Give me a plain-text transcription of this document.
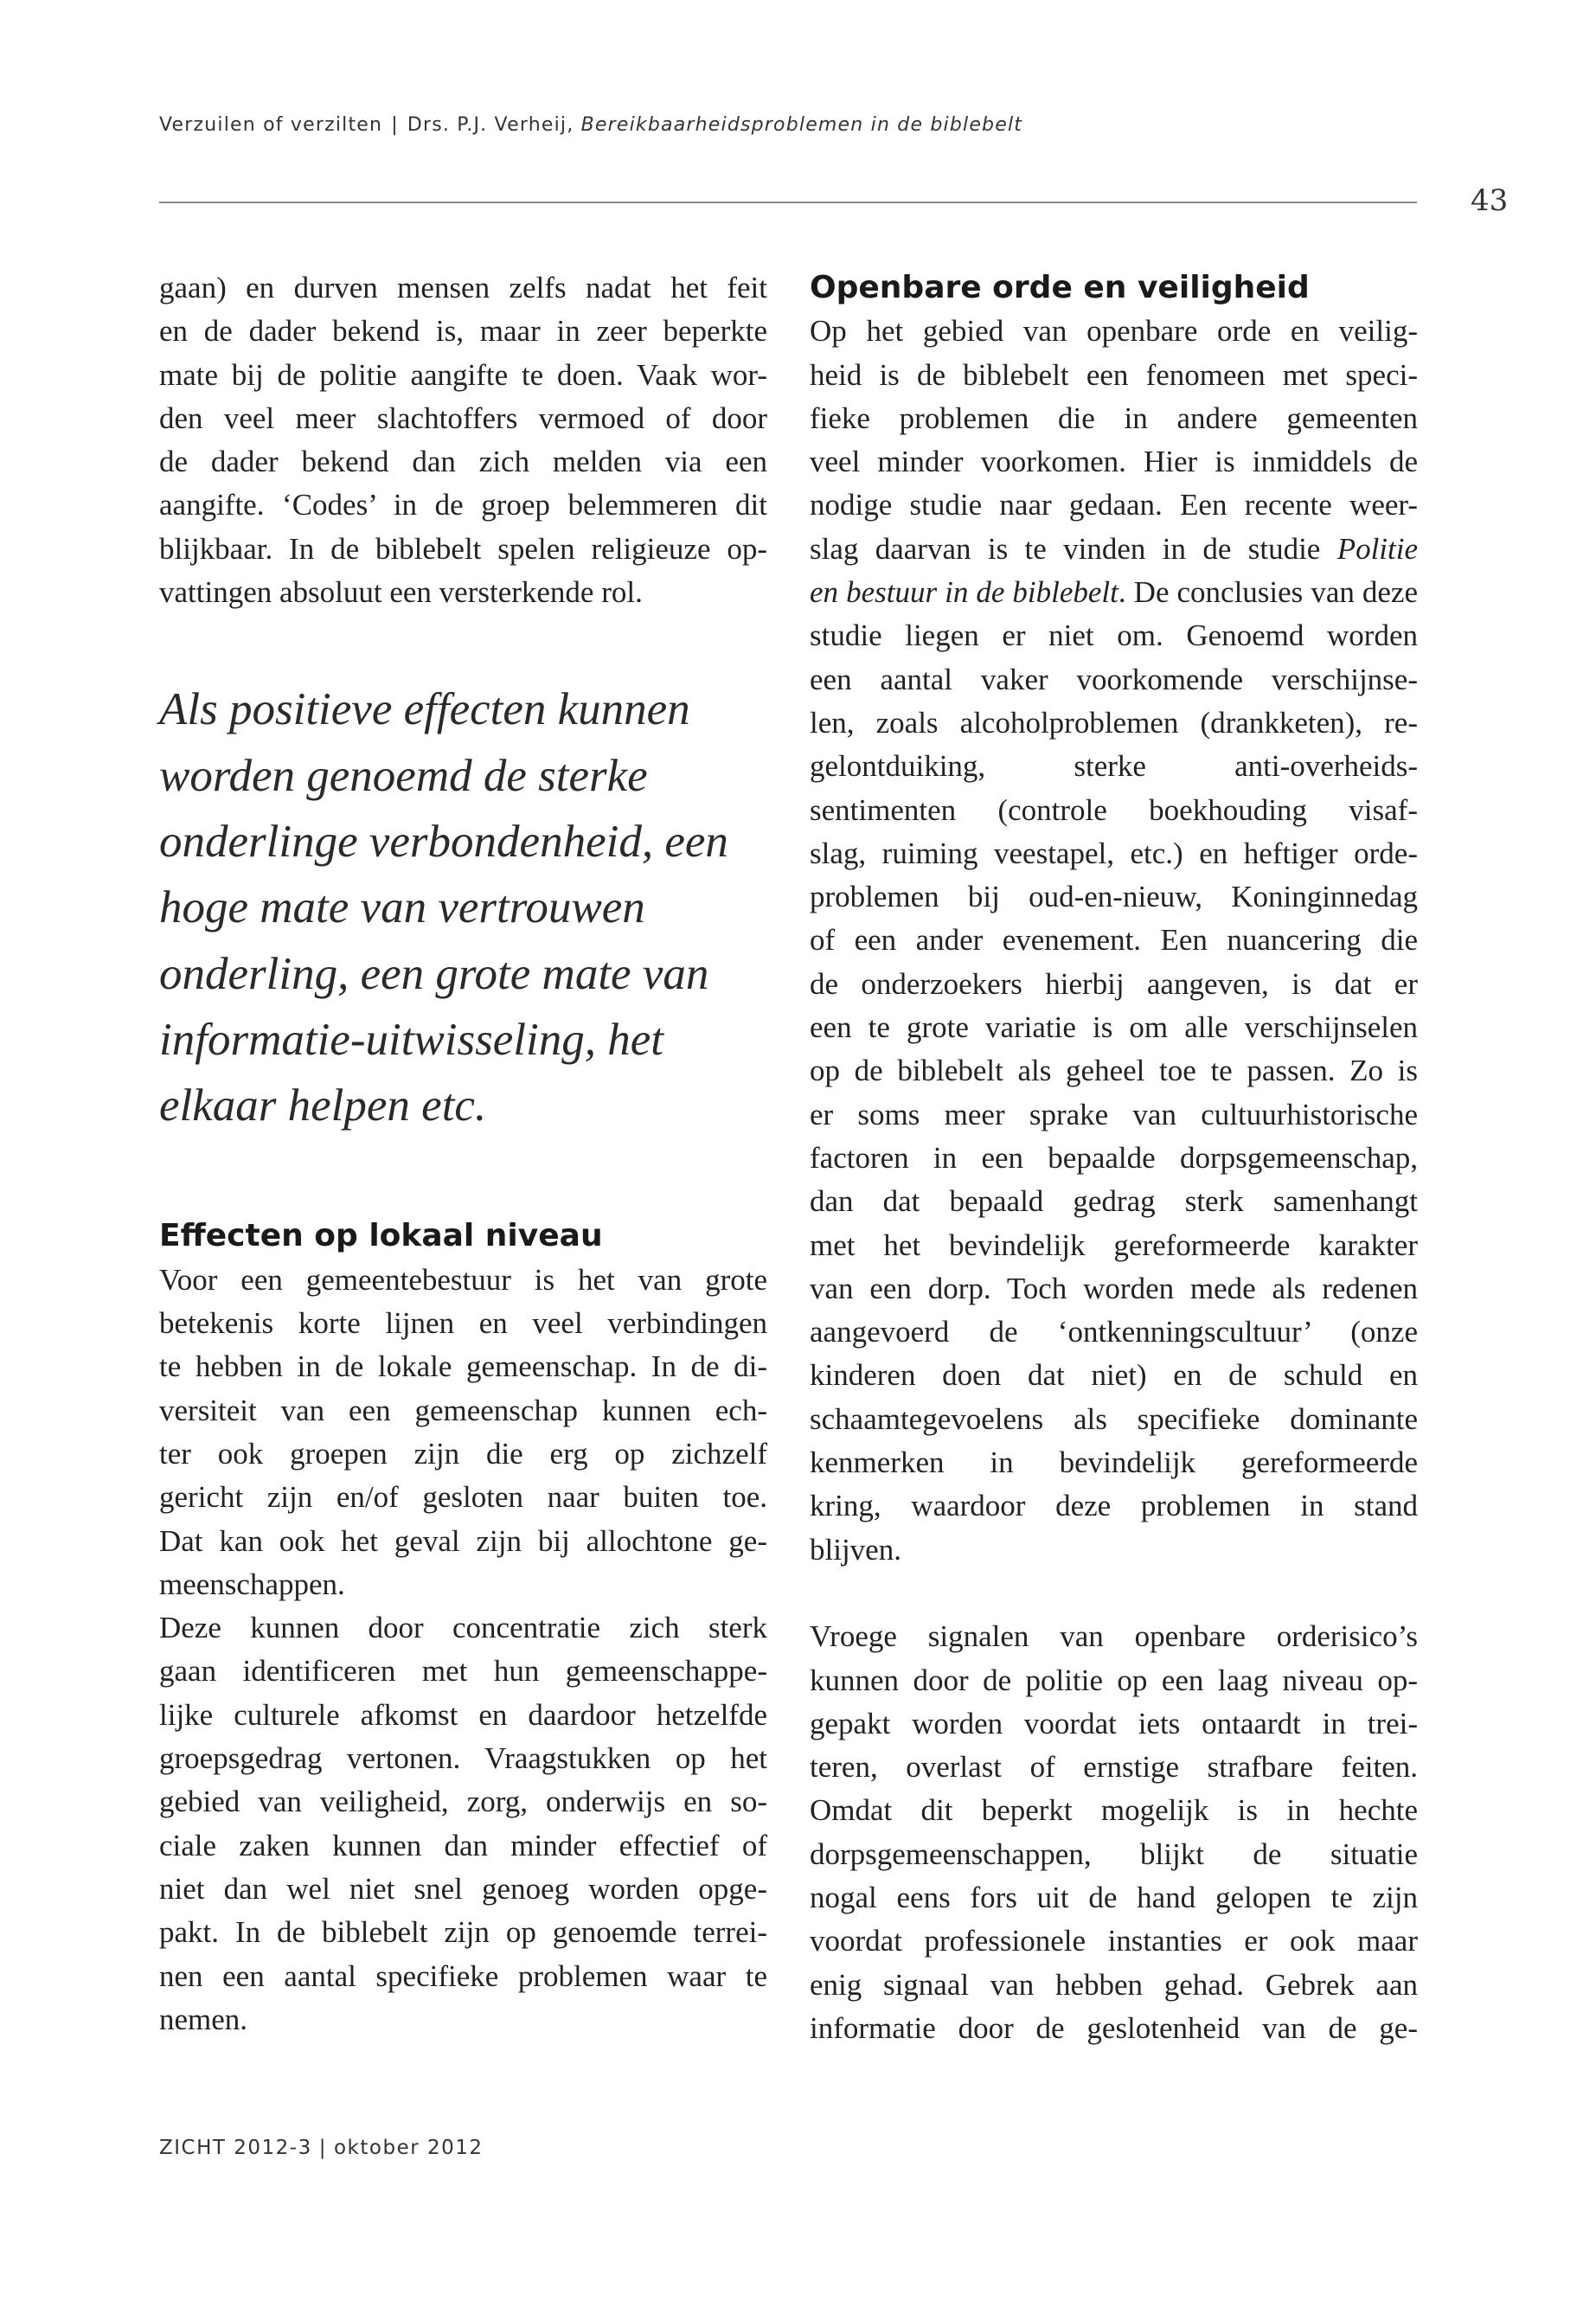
Verzuilen of verzilten | Drs. P.J. Verheij, Bereikbaarheidsproblemen in de biblebelt
43
gaan) en durven mensen zelfs nadat het feit
en de dader bekend is, maar in zeer beperkte
mate bij de politie aangifte te doen. Vaak wor-
den veel meer slachtoffers vermoed of door
de dader bekend dan zich melden via een
aangifte. ‘Codes’ in de groep belemmeren dit
blijkbaar. In de biblebelt spelen religieuze op-
vattingen absoluut een versterkende rol.
Als positieve effecten kunnen
worden genoemd de sterke
onderlinge verbondenheid, een
hoge mate van vertrouwen
onderling, een grote mate van
informatie-uitwisseling, het
elkaar helpen etc.
Effecten op lokaal niveau
Voor een gemeentebestuur is het van grote
betekenis korte lijnen en veel verbindingen
te hebben in de lokale gemeenschap. In de di-
versiteit van een gemeenschap kunnen ech-
ter ook groepen zijn die erg op zichzelf
gericht zijn en/of gesloten naar buiten toe.
Dat kan ook het geval zijn bij allochtone ge-
meenschappen.
Deze kunnen door concentratie zich sterk
gaan identificeren met hun gemeenschappe-
lijke culturele afkomst en daardoor hetzelfde
groepsgedrag vertonen. Vraagstukken op het
gebied van veiligheid, zorg, onderwijs en so-
ciale zaken kunnen dan minder effectief of
niet dan wel niet snel genoeg worden opge-
pakt. In de biblebelt zijn op genoemde terrei-
nen een aantal specifieke problemen waar te
nemen.
Openbare orde en veiligheid
Op het gebied van openbare orde en veilig-
heid is de biblebelt een fenomeen met speci-
fieke problemen die in andere gemeenten
veel minder voorkomen. Hier is inmiddels de
nodige studie naar gedaan. Een recente weer-
slag daarvan is te vinden in de studie Politie
en bestuur in de biblebelt. De conclusies van deze
studie liegen er niet om. Genoemd worden
een aantal vaker voorkomende verschijnse-
len, zoals alcoholproblemen (drankketen), re-
gelontduiking, sterke anti-overheids-
sentimenten (controle boekhouding visaf-
slag, ruiming veestapel, etc.) en heftiger orde-
problemen bij oud-en-nieuw, Koninginnedag
of een ander evenement. Een nuancering die
de onderzoekers hierbij aangeven, is dat er
een te grote variatie is om alle verschijnselen
op de biblebelt als geheel toe te passen. Zo is
er soms meer sprake van cultuurhistorische
factoren in een bepaalde dorpsgemeenschap,
dan dat bepaald gedrag sterk samenhangt
met het bevindelijk gereformeerde karakter
van een dorp. Toch worden mede als redenen
aangevoerd de ‘ontkenningscultuur’ (onze
kinderen doen dat niet) en de schuld en
schaamtegevoelens als specifieke dominante
kenmerken in bevindelijk gereformeerde
kring, waardoor deze problemen in stand
blijven.
Vroege signalen van openbare orderisico’s
kunnen door de politie op een laag niveau op-
gepakt worden voordat iets ontaardt in trei-
teren, overlast of ernstige strafbare feiten.
Omdat dit beperkt mogelijk is in hechte
dorpsgemeenschappen, blijkt de situatie
nogal eens fors uit de hand gelopen te zijn
voordat professionele instanties er ook maar
enig signaal van hebben gehad. Gebrek aan
informatie door de geslotenheid van de ge-
ZICHT 2012-3 | oktober 2012
